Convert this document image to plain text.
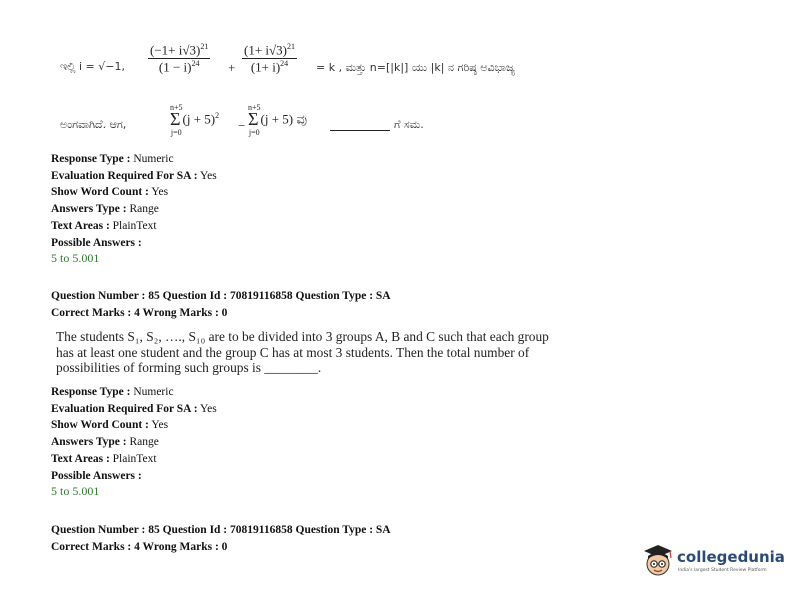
ಇಲ್ಲಿ i = √−1, $\frac{(-1+ i√3)^{21}}{(1 - i)^{24}} + \frac{(1+ i√3)^{21}}{(1+ i)^{24}} = k$ , ಮತ್ತು n=[|k|] ಯು |k| ನ ಗರಿಷ್ಠ ಅವಿಭಾಜ್ಯ
ಅಂಗವಾಗಿದೆ. ಆಗ,
n+5
Σ
j=0
$(j + 5)^2$
−
n+5
Σ
j=0
(j + 5) ವು	ಗೆ ಸಮ.
Response Type : Numeric
Evaluation Required For SA : Yes
Show Word Count : Yes
Answers Type : Range
Text Areas : PlainText
Possible Answers :
5 to 5.001
Question Number : 85 Question Id : 70819116858 Question Type : SA
Correct Marks : 4 Wrong Marks : 0
The students S₁, S₂, …., S₁₀ are to be divided into 3 groups A, B and C such that each group
has at least one student and the group C has at most 3 students. Then the total number of
possibilities of forming such groups is ________.
Response Type : Numeric
Evaluation Required For SA : Yes
Show Word Count : Yes
Answers Type : Range
Text Areas : PlainText
Possible Answers :
5 to 5.001
Question Number : 85 Question Id : 70819116858 Question Type : SA
Correct Marks : 4 Wrong Marks : 0
collegedunia
India's largest Student Review Platform
